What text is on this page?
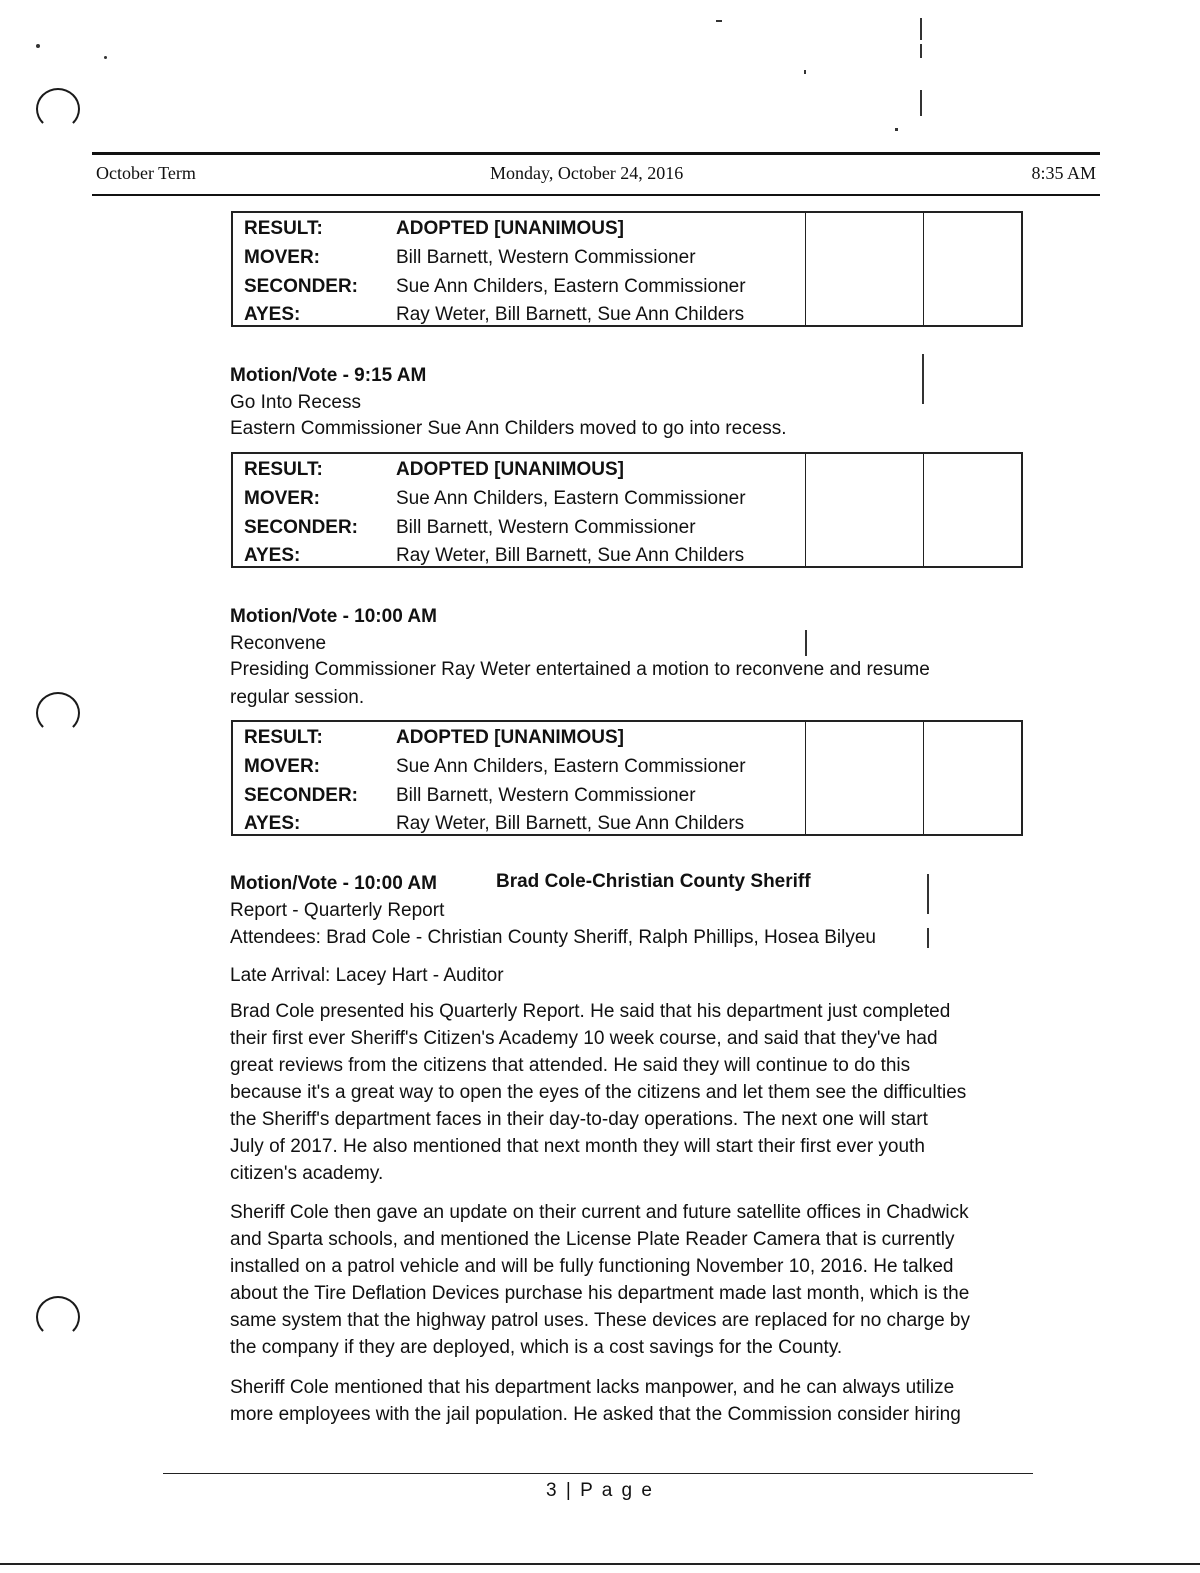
October Term	Monday, October 24, 2016	8:35 AM
RESULT:	ADOPTED [UNANIMOUS]
MOVER:	Bill Barnett, Western Commissioner
SECONDER: Sue Ann Childers, Eastern Commissioner
AYES:	Ray Weter, Bill Barnett, Sue Ann Childers
Motion/Vote - 9:15 AM
Go Into Recess
Eastern Commissioner Sue Ann Childers moved to go into recess.
RESULT:	ADOPTED [UNANIMOUS]
MOVER:	Sue Ann Childers, Eastern Commissioner
SECONDER: Bill Barnett, Western Commissioner
AYES:	Ray Weter, Bill Barnett, Sue Ann Childers
Motion/Vote - 10:00 AM
Reconvene
Presiding Commissioner Ray Weter entertained a motion to reconvene and resume
regular session.
RESULT:	ADOPTED [UNANIMOUS]
MOVER:	Sue Ann Childers, Eastern Commissioner
SECONDER: Bill Barnett, Western Commissioner
AYES:	Ray Weter, Bill Barnett, Sue Ann Childers
Motion/Vote - 10:00 AM	Brad Cole-Christian County Sheriff
Report - Quarterly Report
Attendees: Brad Cole - Christian County Sheriff, Ralph Phillips, Hosea Bilyeu
Late Arrival: Lacey Hart - Auditor
Brad Cole presented his Quarterly Report. He said that his department just completed
their first ever Sheriff's Citizen's Academy 10 week course, and said that they've had
great reviews from the citizens that attended. He said they will continue to do this
because it's a great way to open the eyes of the citizens and let them see the difficulties
the Sheriff's department faces in their day-to-day operations. The next one will start
July of 2017. He also mentioned that next month they will start their first ever youth
citizen's academy.
Sheriff Cole then gave an update on their current and future satellite offices in Chadwick
and Sparta schools, and mentioned the License Plate Reader Camera that is currently
installed on a patrol vehicle and will be fully functioning November 10, 2016. He talked
about the Tire Deflation Devices purchase his department made last month, which is the
same system that the highway patrol uses. These devices are replaced for no charge by
the company if they are deployed, which is a cost savings for the County.
Sheriff Cole mentioned that his department lacks manpower, and he can always utilize
more employees with the jail population. He asked that the Commission consider hiring
3 | P a g e
